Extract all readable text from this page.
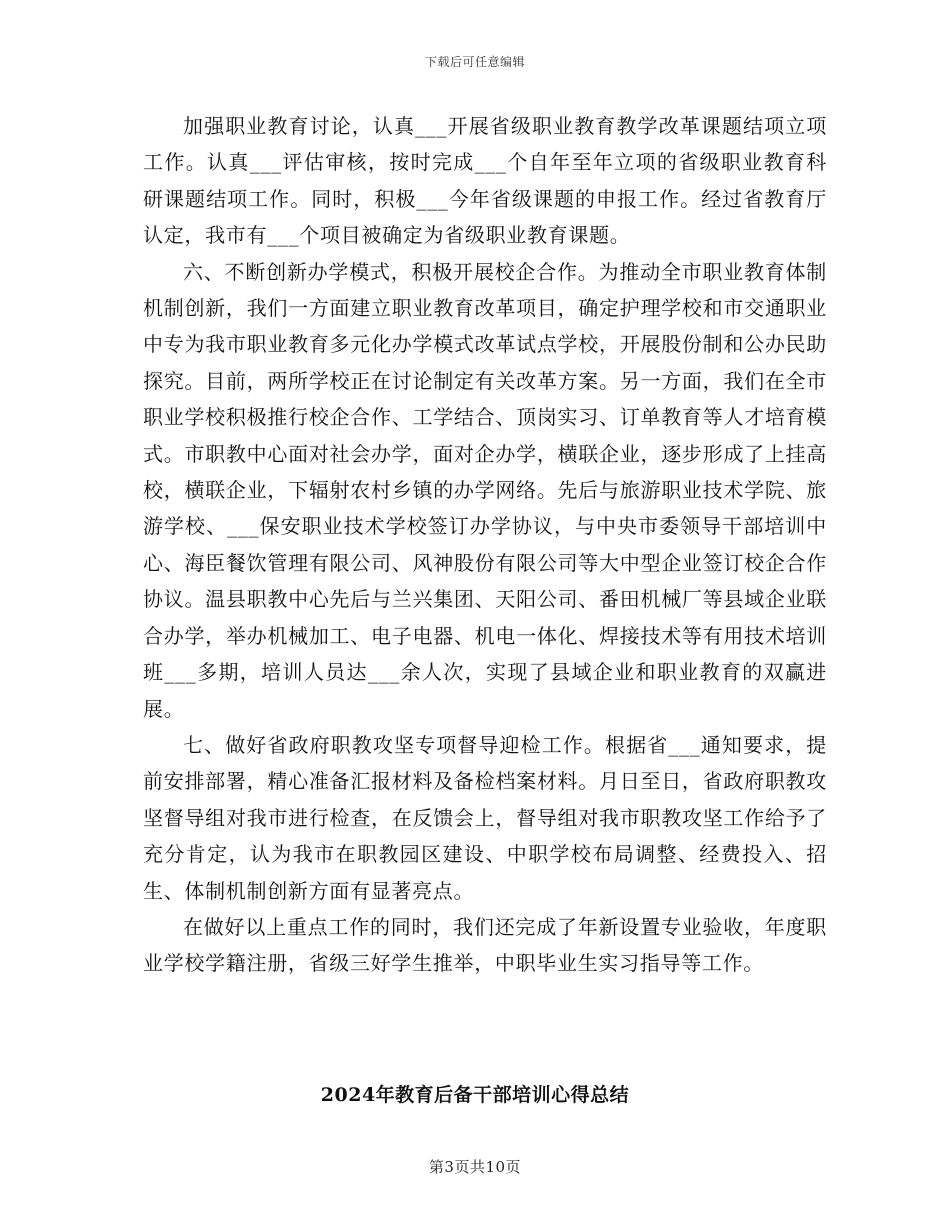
下载后可任意编辑

加强职业教育讨论，认真___开展省级职业教育教学改革课题结项立项工作。认真___评估审核，按时完成___个自年至年立项的省级职业教育科研课题结项工作。同时，积极___今年省级课题的申报工作。经过省教育厅认定，我市有___个项目被确定为省级职业教育课题。

六、不断创新办学模式，积极开展校企合作。为推动全市职业教育体制机制创新，我们一方面建立职业教育改革项目，确定护理学校和市交通职业中专为我市职业教育多元化办学模式改革试点学校，开展股份制和公办民助探究。目前，两所学校正在讨论制定有关改革方案。另一方面，我们在全市职业学校积极推行校企合作、工学结合、顶岗实习、订单教育等人才培育模式。市职教中心面对社会办学，面对企办学，横联企业，逐步形成了上挂高校，横联企业，下辐射农村乡镇的办学网络。先后与旅游职业技术学院、旅游学校、___保安职业技术学校签订办学协议，与中央市委领导干部培训中心、海臣餐饮管理有限公司、风神股份有限公司等大中型企业签订校企合作协议。温县职教中心先后与兰兴集团、天阳公司、番田机械厂等县域企业联合办学，举办机械加工、电子电器、机电一体化、焊接技术等有用技术培训班___多期，培训人员达___余人次，实现了县域企业和职业教育的双赢进展。

七、做好省政府职教攻坚专项督导迎检工作。根据省___通知要求，提前安排部署，精心准备汇报材料及备检档案材料。月日至日，省政府职教攻坚督导组对我市进行检查，在反馈会上，督导组对我市职教攻坚工作给予了充分肯定，认为我市在职教园区建设、中职学校布局调整、经费投入、招生、体制机制创新方面有显著亮点。

在做好以上重点工作的同时，我们还完成了年新设置专业验收，年度职业学校学籍注册，省级三好学生推举，中职毕业生实习指导等工作。

2024年教育后备干部培训心得总结
第3页共10页
